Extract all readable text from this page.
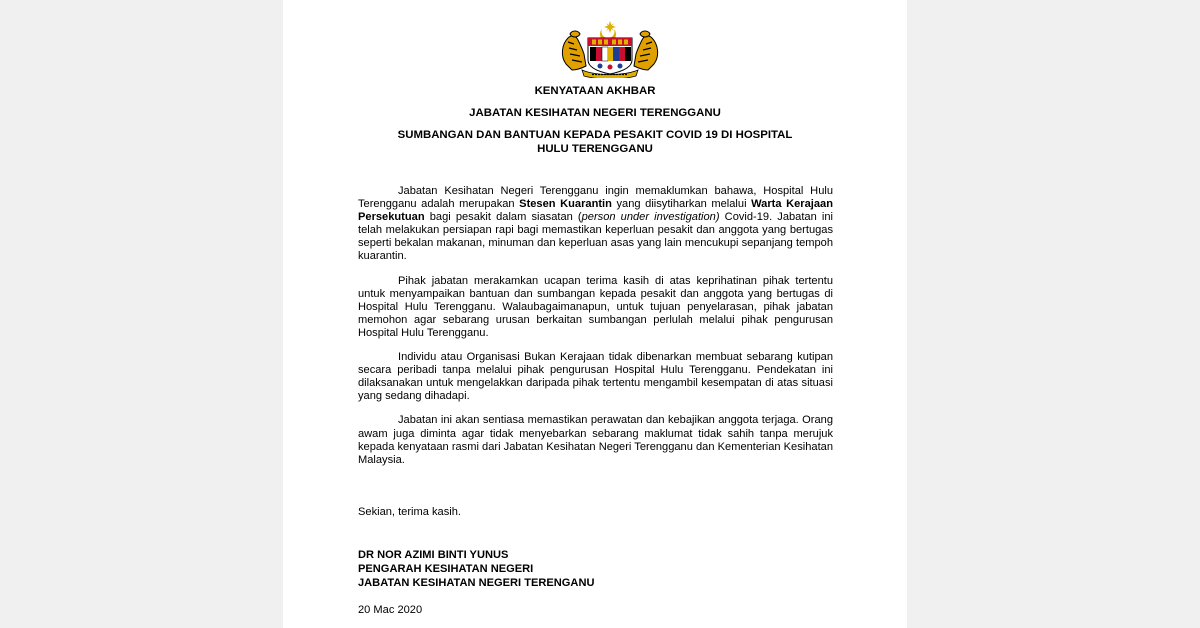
KENYATAAN AKHBAR
JABATAN KESIHATAN NEGERI TERENGGANU
SUMBANGAN DAN BANTUAN KEPADA PESAKIT COVID 19 DI HOSPITAL
HULU TERENGGANU

Jabatan Kesihatan Negeri Terengganu ingin memaklumkan bahawa, Hospital Hulu Terengganu adalah merupakan Stesen Kuarantin yang diisytiharkan melalui Warta Kerajaan Persekutuan bagi pesakit dalam siasatan (person under investigation) Covid-19. Jabatan ini telah melakukan persiapan rapi bagi memastikan keperluan pesakit dan anggota yang bertugas seperti bekalan makanan, minuman dan keperluan asas yang lain mencukupi sepanjang tempoh kuarantin.

Pihak jabatan merakamkan ucapan terima kasih di atas keprihatinan pihak tertentu untuk menyampaikan bantuan dan sumbangan kepada pesakit dan anggota yang bertugas di Hospital Hulu Terengganu. Walaubagaimanapun, untuk tujuan penyelarasan, pihak jabatan memohon agar sebarang urusan berkaitan sumbangan perlulah melalui pihak pengurusan Hospital Hulu Terengganu.

Individu atau Organisasi Bukan Kerajaan tidak dibenarkan membuat sebarang kutipan secara peribadi tanpa melalui pihak pengurusan Hospital Hulu Terengganu. Pendekatan ini dilaksanakan untuk mengelakkan daripada pihak tertentu mengambil kesempatan di atas situasi yang sedang dihadapi.

Jabatan ini akan sentiasa memastikan perawatan dan kebajikan anggota terjaga. Orang awam juga diminta agar tidak menyebarkan sebarang maklumat tidak sahih tanpa merujuk kepada kenyataan rasmi dari Jabatan Kesihatan Negeri Terengganu dan Kementerian Kesihatan Malaysia.

Sekian, terima kasih.
DR NOR AZIMI BINTI YUNUS
PENGARAH KESIHATAN NEGERI
JABATAN KESIHATAN NEGERI TERENGANU
20 Mac 2020
